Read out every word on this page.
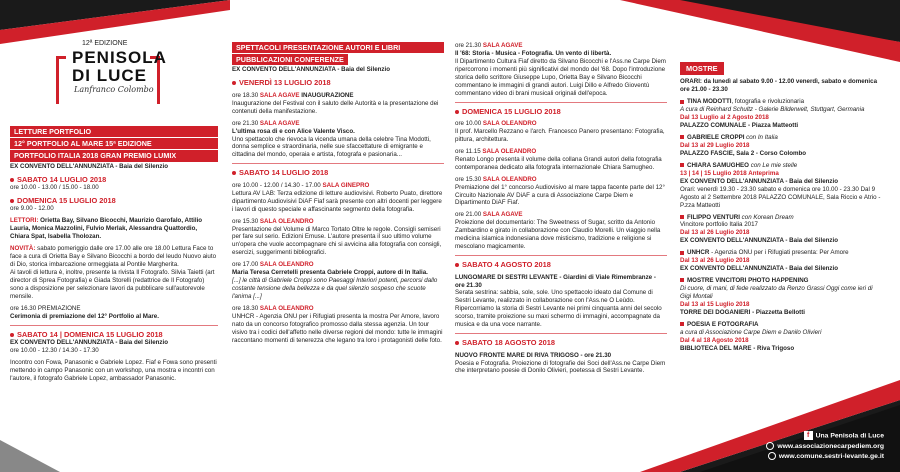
12ª EDIZIONE
PENISOLA
DI LUCE
Lanfranco Colombo
LETTURE PORTFOLIO
12° PORTFOLIO AL MARE 15ª EDIZIONE
PORTFOLIO ITALIA 2018 GRAN PREMIO LUMIX

EX CONVENTO DELL'ANNUNZIATA - Baia del Silenzio

SABATO 14 LUGLIO 2018

ore 10.00 - 13.00 / 15.00 - 18.00

DOMENICA 15 LUGLIO 2018

ore 9.00 - 12.00

LETTORI: Orietta Bay, Silvano Bicocchi, Maurizio Garofalo, Attilio Lauria, Monica Mazzolini, Fulvio Merlak, Alessandra Quattordio, Chiara Spat, Isabella Tholozan.

NOVITÀ: sabato pomeriggio dalle ore 17.00 alle ore 18.00 Lettura Face to face a cura di Orietta Bay e Silvano Bicocchi a bordo del leudo Nuovo aiuto di Dio, storica imbarcazione ormeggiata al Pontile Margherita.

Ai tavoli di lettura è, inoltre, presente la rivista Il Fotografo. Silvia Taietti (art director di Sprea Fotografia) e Giada Storelli (redattrice de Il Fotografo) sono a disposizione per selezionare lavori da pubblicare sull'autorevole mensile.

ore 16.30 PREMIAZIONE

Cerimonia di premiazione del 12° Portfolio al Mare.

SABATO 14 | DOMENICA 15 LUGLIO 2018

EX CONVENTO DELL'ANNUNZIATA - Baia del Silenzio

ore 10.00 - 12.30 / 14.30 - 17.30

Incontro con Fowa, Panasonic e Gabriele Lopez. Fiaf e Fowa sono presenti mettendo in campo Panasonic con un workshop, una mostra e incontri con l'autore, il fotografo Gabriele Lopez, ambassador Panasonic.

SPETTACOLI PRESENTAZIONE AUTORI E LIBRI
PUBBLICAZIONI CONFERENZE

EX CONVENTO DELL'ANNUNZIATA - Baia del Silenzio

VENERDÌ 13 LUGLIO 2018

ore 18.30 SALA AGAVE INAUGURAZIONE

Inaugurazione del Festival con il saluto delle Autorità e la presentazione dei contenuti della manifestazione.

ore 21.30 SALA AGAVE

L'ultima rosa di e con Alice Valente Visco.

Uno spettacolo che rievoca la vicenda umana della celebre Tina Modotti, donna semplice e straordinaria, nelle sue sfaccettature di emigrante e cittadina del mondo, operaia e artista, fotografa e pasionaria...

SABATO 14 LUGLIO 2018

ore 10.00 - 12.00 / 14.30 - 17.00 SALA GINEPRO

Lettura AV LAB: Terza edizione di letture audiovisivi. Roberto Puato, direttore dipartimento Audiovisivi DiAF Fiaf sarà presente con altri docenti per leggere i lavori di questo speciale e affascinante segmento della fotografia.

ore 15.30 SALA OLEANDRO

Presentazione del Volume di Marco Tortato Oltre le regole. Consigli semiseri per fare sul serio. Edizioni Emuse. L'autore presenta il suo ultimo volume un'opera che vuole accompagnare chi si avvicina alla fotografia con consigli, esercizi, suggerimenti bibliografici.

ore 17.00 SALA OLEANDRO

Maria Teresa Cerretelli presenta Gabriele Croppi, autore di In Italia.

[...] le città di Gabriele Croppi sono Paesaggi Interiori potenti, percorsi dallo costante tensione della bellezza e da quel silenzio sospeso che scuote l'anima [...]

ore 18.30 SALA OLEANDRO

UNHCR - Agenzia ONU per i Rifugiati presenta la mostra Per Amore, lavoro nato da un concorso fotografico promosso dalla stessa agenzia. Un tour visivo tra i codici dell'affetto nelle diverse regioni del mondo: tutte le immagini raccontano momenti di tenerezza che legano tra loro i protagonisti delle foto.

ore 21.30 SALA AGAVE

Il '68: Storia - Musica - Fotografia. Un vento di libertà.

Il Dipartimento Cultura Fiaf diretto da Silvano Bicocchi e l'Ass.ne Carpe Diem ripercorrono i momenti più significativi del mondo del '68. Dopo l'introduzione storica dello scrittore Giuseppe Lupo, Orietta Bay e Silvano Bicocchi commentano le immagini di grandi autori. Luigi Dillo e Alfredo Gioventù commentano video di brani musicali originali dell'epoca.

DOMENICA 15 LUGLIO 2018

ore 10.00 SALA OLEANDRO

Il prof. Marcello Rezzano e l'arch. Francesco Panero presentano: Fotografia, pittura, architettura.

ore 11.15 SALA OLEANDRO

Renato Longo presenta il volume della collana Grandi autori della fotografia contemporanea dedicato alla fotografa internazionale Chiara Samugheo.

ore 15.30 SALA OLEANDRO

Premiazione del 1° concorso Audiovisivo al mare tappa facente parte del 12° Circuito Nazionale AV DiAF a cura di Associazione Carpe Diem e Dipartimento DiAF Fiaf.

ore 21.00 SALA AGAVE

Proiezione del documentario: The Sweetness of Sugar, scritto da Antonio Zambardino e girato in collaborazione con Claudio Morelli. Un viaggio nella medicina islamica indonesiana dove misticismo, tradizione e religione si mescolano magicamente.

SABATO 4 AGOSTO 2018

LUNGOMARE DI SESTRI LEVANTE - Giardini di Viale Rimembranze - ore 21.30

Serata sestrina: sabbia, sole, sole. Uno spettacolo ideato dal Comune di Sestri Levante, realizzato in collaborazione con l'Ass.ne O Leùdo. Ripercorriamo la storia di Sestri Levante nei primi cinquanta anni del secolo scorso, tramite proiezione su maxi schermo di immagini, accompagnate da musica e da una voce narrante.

SABATO 18 AGOSTO 2018

NUOVO FRONTE MARE DI RIVA TRIGOSO - ore 21.30

Poesia e Fotografia. Proiezione di fotografie dei Soci dell'Ass.ne Carpe Diem che interpretano poesie di Donilo Olivieri, poetessa di Sestri Levante.

MOSTRE

ORARI: da lunedì al sabato 9.00 - 12.00 venerdì, sabato e domenica ore 21.00 - 23.30

TINA MODOTTI, fotografia e rivoluzionaria

A cura di Reinhard Schultz - Galerie Bilderwelt, Stuttgart, Germania

Dal 13 Luglio al 2 Agosto 2018

PALAZZO COMUNALE - Piazza Matteotti

GABRIELE CROPPI con In Italia

Dal 13 al 29 Luglio 2018

PALAZZO FASCIE, Sala 2 - Corso Colombo

CHIARA SAMUGHEO con Le mie stelle

13 | 14 | 15 Luglio 2018 Anteprima

EX CONVENTO DELL'ANNUNZIATA - Baia del Silenzio

Orari: venerdì 19.30 - 23.30 sabato e domenica ore 10.00 - 23.30 Dal 9 Agosto al 2 Settembre 2018 PALAZZO COMUNALE, Sala Riccio e Atrio - P.zza Matteotti

FILIPPO VENTURI con Korean Dream

Vincitore portfolio Italia 2017

Dal 13 al 26 Luglio 2018

EX CONVENTO DELL'ANNUNZIATA - Baia del Silenzio

UNHCR - Agenzia ONU per i Rifugiati presenta: Per Amore

Dal 13 al 26 Luglio 2018

EX CONVENTO DELL'ANNUNZIATA - Baia del Silenzio

MOSTRE VINCITORI PHOTO HAPPENING

Di cuore, di mani, di fede realizzato da Renzo Grassi Oggi come ieri di Gigi Montali

Dal 13 al 15 Luglio 2018

TORRE DEI DOGANIERI - Piazzetta Bellotti

POESIA E FOTOGRAFIA

a cura di Associazione Carpe Diem e Danilo Olivieri

Dal 4 al 18 Agosto 2018

BIBLIOTECA DEL MARE - Riva Trigoso

f Una Penisola di Luce

www.associazionecarpediem.org

www.comune.sestri-levante.ge.it
